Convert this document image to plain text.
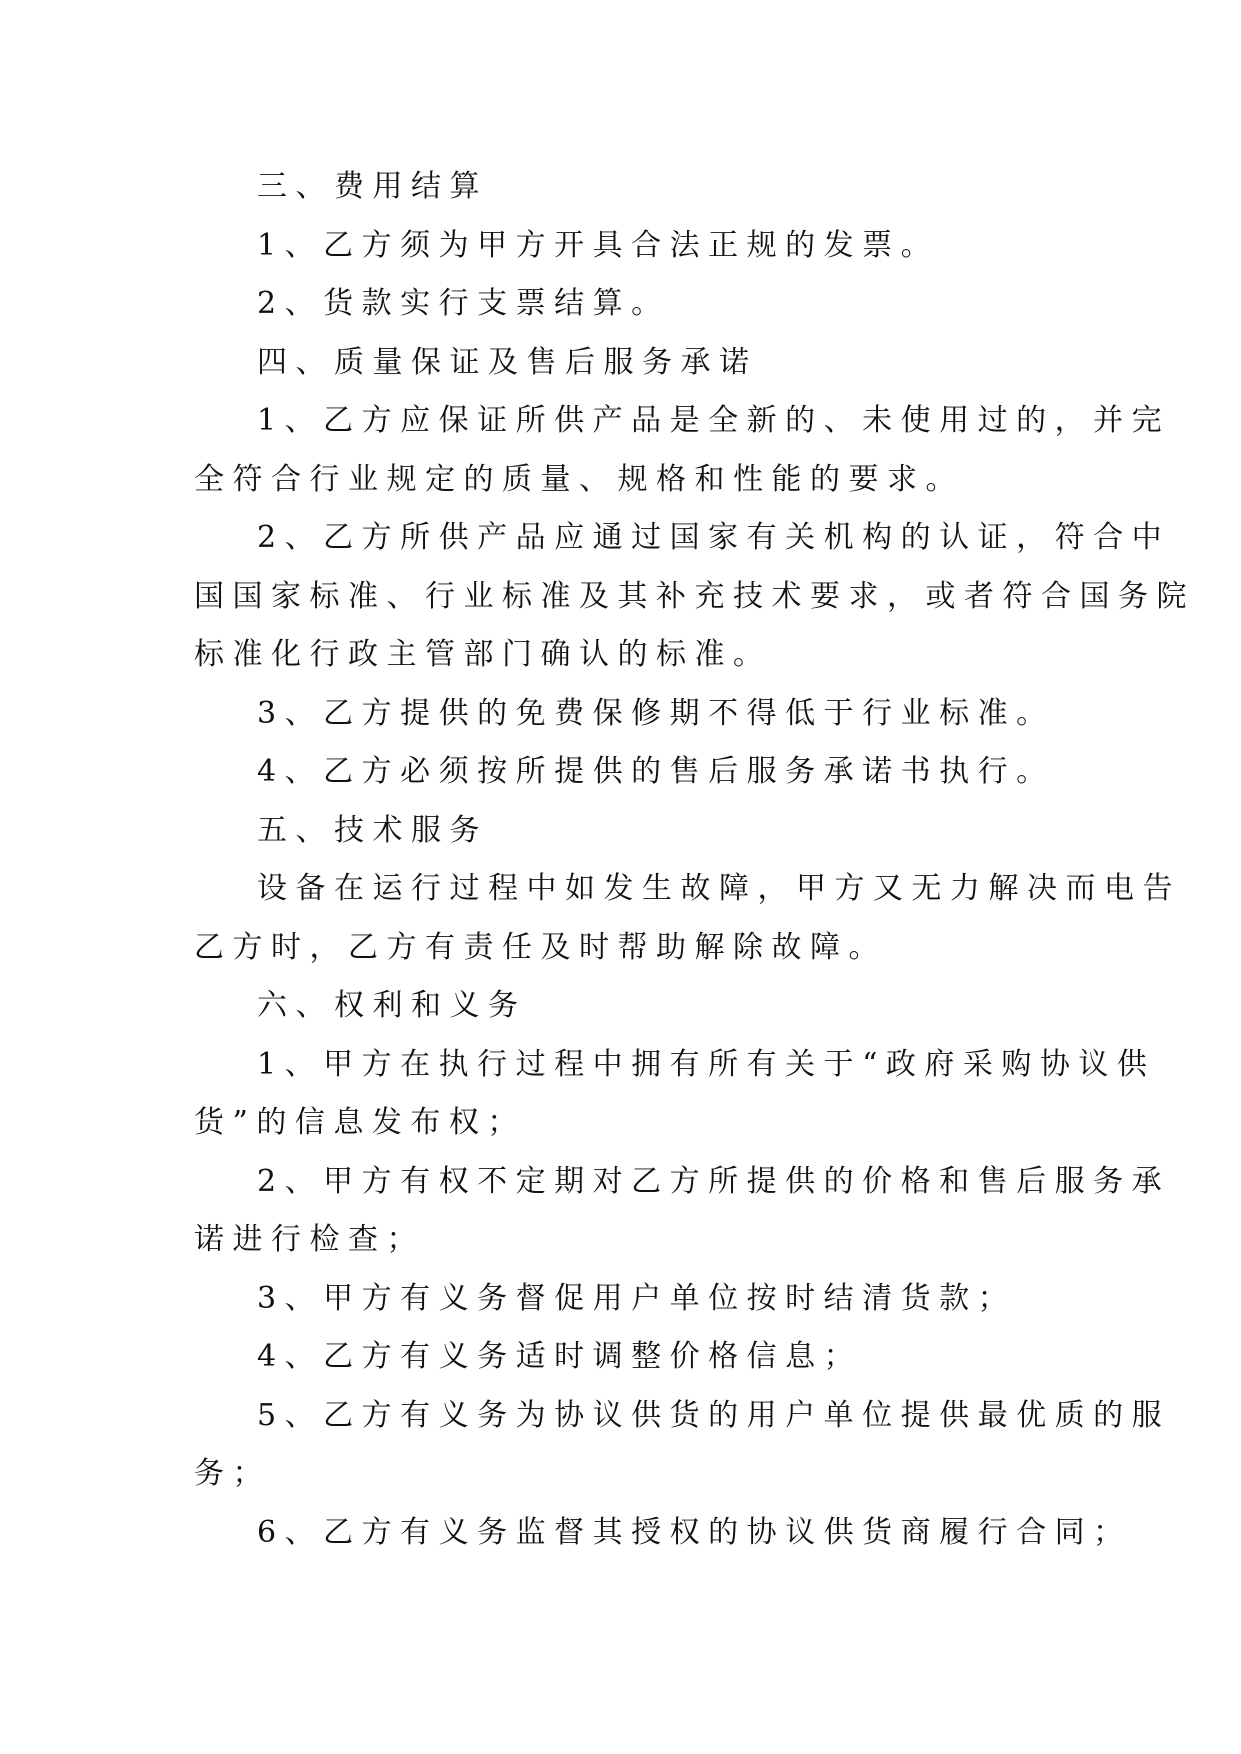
三、费用结算

1、乙方须为甲方开具合法正规的发票。

2、货款实行支票结算。

四、质量保证及售后服务承诺

1、乙方应保证所供产品是全新的、未使用过的，并完

全符合行业规定的质量、规格和性能的要求。

2、乙方所供产品应通过国家有关机构的认证，符合中

国国家标准、行业标准及其补充技术要求，或者符合国务院

标准化行政主管部门确认的标准。

3、乙方提供的免费保修期不得低于行业标准。

4、乙方必须按所提供的售后服务承诺书执行。

五、技术服务

设备在运行过程中如发生故障，甲方又无力解决而电告

乙方时，乙方有责任及时帮助解除故障。

六、权利和义务

1、甲方在执行过程中拥有所有关于“政府采购协议供

货”的信息发布权；

2、甲方有权不定期对乙方所提供的价格和售后服务承

诺进行检查；

3、甲方有义务督促用户单位按时结清货款；

4、乙方有义务适时调整价格信息；

5、乙方有义务为协议供货的用户单位提供最优质的服

务；

6、乙方有义务监督其授权的协议供货商履行合同；
